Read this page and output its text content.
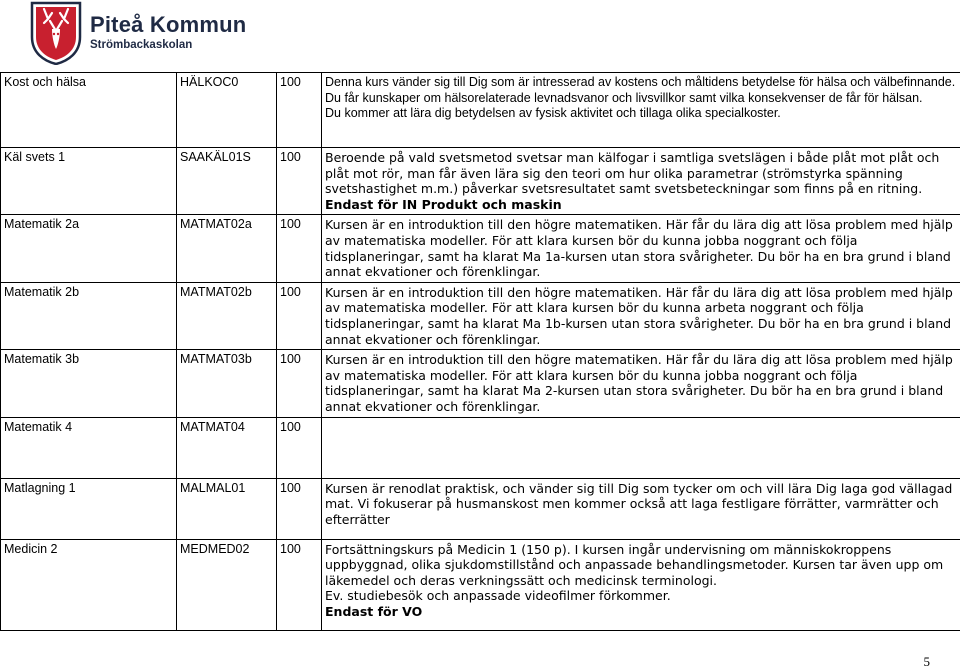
Piteå Kommun
Strömbackaskolan
Kost och hälsa	HÄLKOC0	100	Denna kurs vänder sig till Dig som är intresserad av kostens och måltidens betydelse för hälsa och välbefinnande. Du får kunskaper om hälsorelaterade levnadsvanor och livsvillkor samt vilka konsekvenser de får för hälsan.
Du kommer att lära dig betydelsen av fysisk aktivitet och tillaga olika specialkoster.

Käl svets 1	SAAKÄL01S	100	Beroende på vald svetsmetod svetsar man kälfogar i samtliga svetslägen i både plåt mot plåt och plåt mot rör, man får även lära sig den teori om hur olika parametrar (strömstyrka spänning svetshastighet m.m.) påverkar svetsresultatet samt svetsbeteckningar som finns på en ritning.
Endast för IN Produkt och maskin

Matematik 2a	MATMAT02a	100	Kursen är en introduktion till den högre matematiken. Här får du lära dig att lösa problem med hjälp av matematiska modeller. För att klara kursen bör du kunna jobba noggrant och följa tidsplaneringar, samt ha klarat Ma 1a-kursen utan stora svårigheter. Du bör ha en bra grund i bland annat ekvationer och förenklingar.
Matematik 2b	MATMAT02b	100	Kursen är en introduktion till den högre matematiken. Här får du lära dig att lösa problem med hjälp av matematiska modeller. För att klara kursen bör du kunna arbeta noggrant och följa tidsplaneringar, samt ha klarat Ma 1b-kursen utan stora svårigheter. Du bör ha en bra grund i bland annat ekvationer och förenklingar.
Matematik 3b	MATMAT03b	100	Kursen är en introduktion till den högre matematiken. Här får du lära dig att lösa problem med hjälp av matematiska modeller. För att klara kursen bör du kunna jobba noggrant och följa tidsplaneringar, samt ha klarat Ma 2-kursen utan stora svårigheter. Du bör ha en bra grund i bland annat ekvationer och förenklingar.
Matematik 4	MATMAT04	100	
Matlagning 1	MALMAL01	100	Kursen är renodlat praktisk, och vänder sig till Dig som tycker om och vill lära Dig laga god vällagad mat. Vi fokuserar på husmanskost men kommer också att laga festligare förrätter, varmrätter och efterrätter
Medicin 2	MEDMED02	100	Fortsättningskurs på Medicin 1 (150 p). I kursen ingår undervisning om människokroppens uppbyggnad, olika sjukdomstillstånd och anpassade behandlingsmetoder. Kursen tar även upp om läkemedel och deras verkningssätt och medicinsk terminologi.
Ev. studiebesök och anpassade videofilmer förkommer.
Endast för VO
5
